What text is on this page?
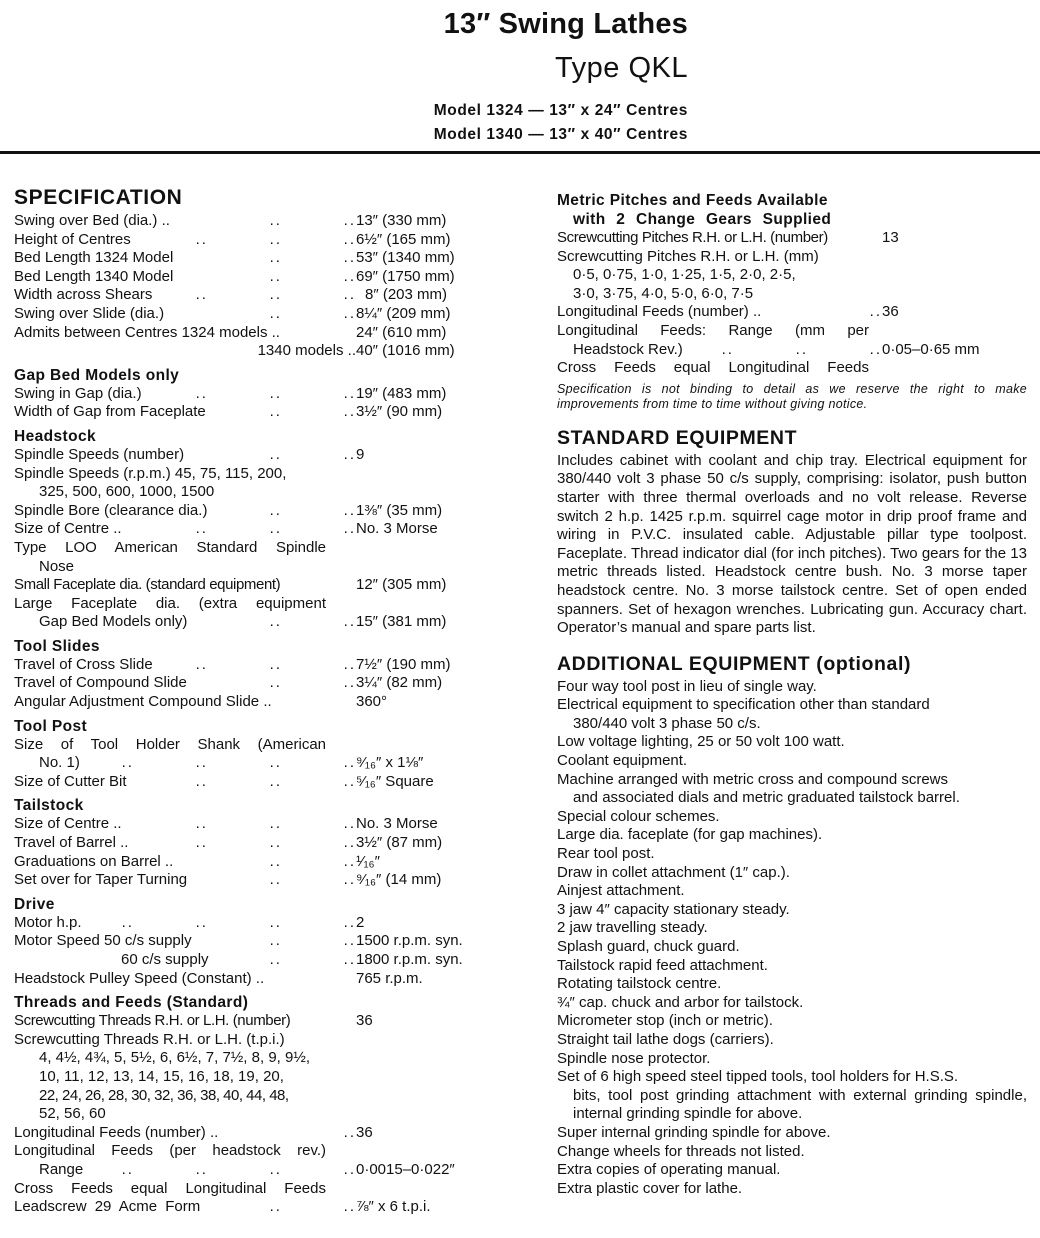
13″ Swing Lathes
Type QKL
Model 1324 — 13″ x 24″ Centres
Model 1340 — 13″ x 40″ Centres
SPECIFICATION
Swing over Bed (dia.) ..	..          .. 13″ (330 mm)
Height of Centres	..          ..          .. 6½″ (165 mm)
Bed Length 1324 Model	..          .. 53″ (1340 mm)
Bed Length 1340 Model	..          .. 69″ (1750 mm)
Width across Shears	..          ..          .. 8″ (203 mm)
Swing over Slide (dia.)	..          .. 8¼″ (209 mm)
Admits between Centres 1324 models ..	24″ (610 mm)
1340 models .. 40″ (1016 mm)
Gap Bed Models only
Swing in Gap (dia.)	..          ..          .. 19″ (483 mm)
Width of Gap from Faceplate	..          .. 3½″ (90 mm)
Headstock
Spindle Speeds (number)	..          .. 9
Spindle Speeds (r.p.m.) 45, 75, 115, 200,
325, 500, 600, 1000, 1500
Spindle Bore (clearance dia.)	..          .. 1⅜″ (35 mm)
Size of Centre ..	..          ..          .. No. 3 Morse
Type LOO American Standard Spindle
Nose
Small Faceplate dia. (standard equipment)	12″ (305 mm)
Large Faceplate dia. (extra equipment
Gap Bed Models only)	..          .. 15″ (381 mm)
Tool Slides
Travel of Cross Slide	..          ..          .. 7½″ (190 mm)
Travel of Compound Slide	..          .. 3¼″ (82 mm)
Angular Adjustment Compound Slide ..	360°
Tool Post
Size of Tool Holder Shank (American
No. 1)	..          ..          ..          .. ⁹⁄₁₆″ x 1⅛″
Size of Cutter Bit	..          ..          .. ⁵⁄₁₆″ Square
Tailstock
Size of Centre ..	..          ..          .. No. 3 Morse
Travel of Barrel ..	..          ..          .. 3½″ (87 mm)
Graduations on Barrel ..	..          .. ¹⁄₁₆″
Set over for Taper Turning	..          .. ⁹⁄₁₆″ (14 mm)
Drive
Motor h.p.	..          ..          ..          .. 2
Motor Speed 50 c/s supply	..          .. 1500 r.p.m. syn.
60 c/s supply	..          .. 1800 r.p.m. syn.
Headstock Pulley Speed (Constant) ..	765 r.p.m.
Threads and Feeds (Standard)
Screwcutting Threads R.H. or L.H. (number)	36
Screwcutting Threads R.H. or L.H. (t.p.i.)
4, 4½, 4¾, 5, 5½, 6, 6½, 7, 7½, 8, 9, 9½,
10, 11, 12, 13, 14, 15, 16, 18, 19, 20,
22, 24, 26, 28, 30, 32, 36, 38, 40, 44, 48,
52, 56, 60
Longitudinal Feeds (number) ..	.. 36
Longitudinal Feeds (per headstock rev.)
Range	..          ..          ..          .. 0·0015–0·022″
Cross Feeds equal Longitudinal Feeds
Leadscrew 29 Acme Form	..          .. ⅞″ x 6 t.p.i.
Metric Pitches and Feeds Available
with 2 Change Gears Supplied
Screwcutting Pitches R.H. or L.H. (number)	13
Screwcutting Pitches R.H. or L.H. (mm)
0·5, 0·75, 1·0, 1·25, 1·5, 2·0, 2·5,
3·0, 3·75, 4·0, 5·0, 6·0, 7·5
Longitudinal Feeds (number) ..	.. 36
Longitudinal Feeds: Range (mm per
Headstock Rev.)	..          ..          .. 0·05–0·65 mm
Cross Feeds equal Longitudinal Feeds
Specification is not binding to detail as we reserve the right to make improvements from time to time without giving notice.
STANDARD EQUIPMENT
Includes cabinet with coolant and chip tray. Electrical equipment for 380/440 volt 3 phase 50 c/s supply, comprising: isolator, push button starter with three thermal overloads and no volt release. Reverse switch 2 h.p. 1425 r.p.m. squirrel cage motor in drip proof frame and wiring in P.V.C. insulated cable. Adjustable pillar type toolpost. Faceplate. Thread indicator dial (for inch pitches). Two gears for the 13 metric threads listed. Headstock centre bush. No. 3 morse taper headstock centre. No. 3 morse tailstock centre. Set of open ended spanners. Set of hexagon wrenches. Lubricating gun. Accuracy chart. Operator’s manual and spare parts list.
ADDITIONAL EQUIPMENT (optional)
Four way tool post in lieu of single way.
Electrical equipment to specification other than standard
380/440 volt 3 phase 50 c/s.
Low voltage lighting, 25 or 50 volt 100 watt.
Coolant equipment.
Machine arranged with metric cross and compound screws
and associated dials and metric graduated tailstock barrel.
Special colour schemes.
Large dia. faceplate (for gap machines).
Rear tool post.
Draw in collet attachment (1″ cap.).
Ainjest attachment.
3 jaw 4″ capacity stationary steady.
2 jaw travelling steady.
Splash guard, chuck guard.
Tailstock rapid feed attachment.
Rotating tailstock centre.
¾″ cap. chuck and arbor for tailstock.
Micrometer stop (inch or metric).
Straight tail lathe dogs (carriers).
Spindle nose protector.
Set of 6 high speed steel tipped tools, tool holders for H.S.S.
bits, tool post grinding attachment with external grinding spindle, internal grinding spindle for above.
Super internal grinding spindle for above.
Change wheels for threads not listed.
Extra copies of operating manual.
Extra plastic cover for lathe.
